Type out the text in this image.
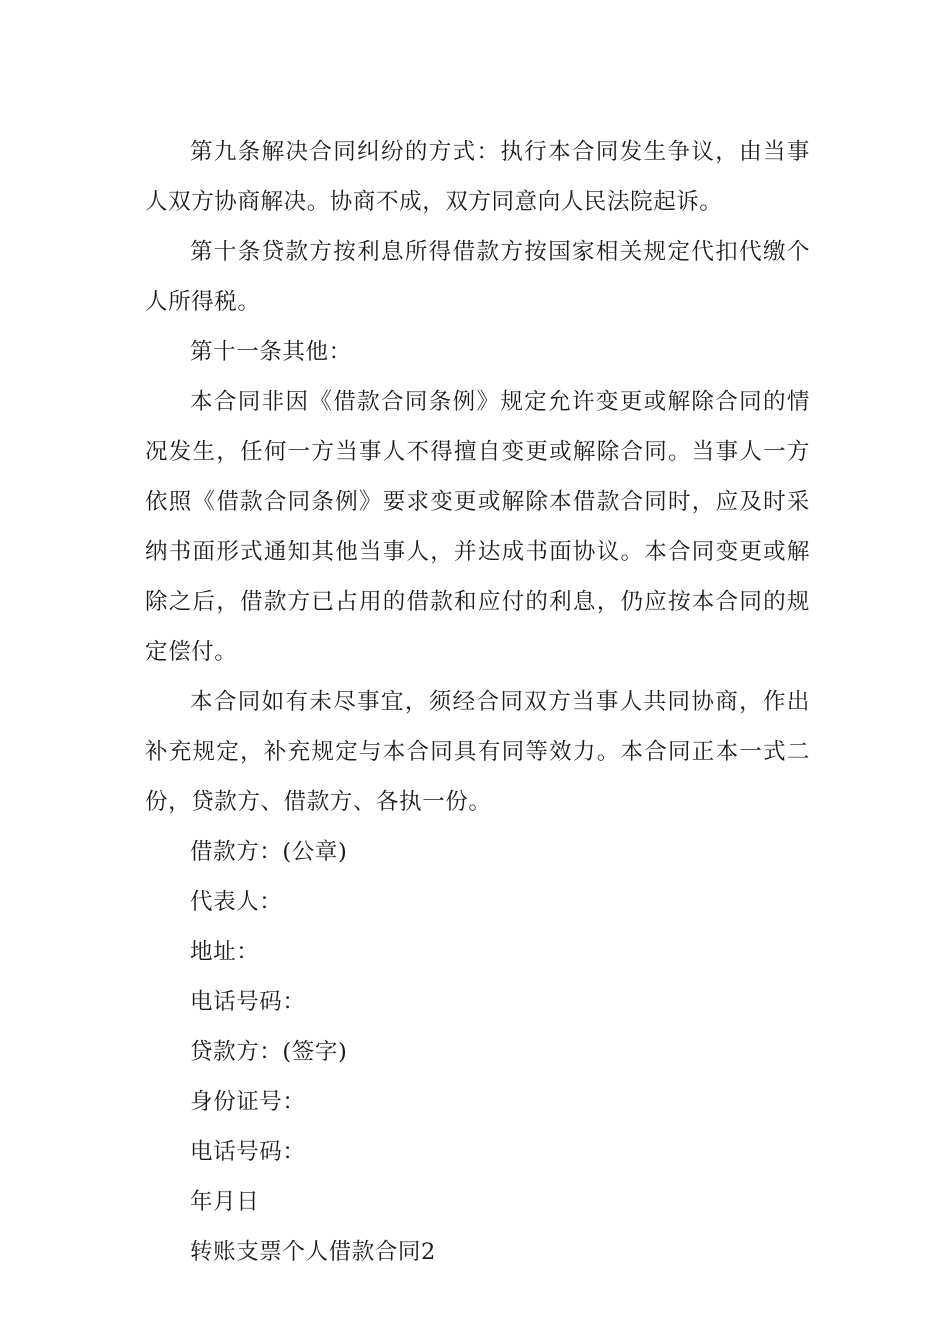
第九条解决合同纠纷的方式：执行本合同发生争议，由当事人双方协商解决。协商不成，双方同意向人民法院起诉。

第十条贷款方按利息所得借款方按国家相关规定代扣代缴个人所得税。

第十一条其他：

本合同非因《借款合同条例》规定允许变更或解除合同的情况发生，任何一方当事人不得擅自变更或解除合同。当事人一方依照《借款合同条例》要求变更或解除本借款合同时，应及时采纳书面形式通知其他当事人，并达成书面协议。本合同变更或解除之后，借款方已占用的借款和应付的利息，仍应按本合同的规定偿付。

本合同如有未尽事宜，须经合同双方当事人共同协商，作出补充规定，补充规定与本合同具有同等效力。本合同正本一式二份，贷款方、借款方、各执一份。

借款方：(公章)
代表人：
地址：
电话号码：
贷款方：(签字)
身份证号：
电话号码：
年月日
转账支票个人借款合同2
